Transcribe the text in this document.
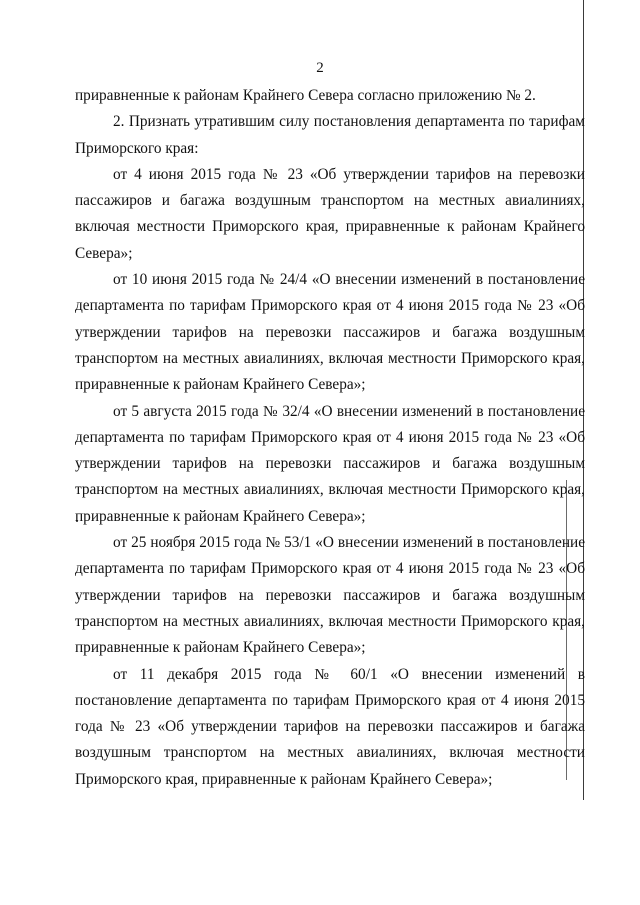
2

приравненные к районам Крайнего Севера согласно приложению № 2.

2. Признать утратившим силу постановления департамента по тарифам Приморского края:

от 4 июня 2015 года № 23 «Об утверждении тарифов на перевозки пассажиров и багажа воздушным транспортом на местных авиалиниях, включая местности Приморского края, приравненные к районам Крайнего Севера»;

от 10 июня 2015 года № 24/4 «О внесении изменений в постановление департамента по тарифам Приморского края от 4 июня 2015 года № 23 «Об утверждении тарифов на перевозки пассажиров и багажа воздушным транспортом на местных авиалиниях, включая местности Приморского края, приравненные к районам Крайнего Севера»;

от 5 августа 2015 года № 32/4 «О внесении изменений в постановление департамента по тарифам Приморского края от 4 июня 2015 года № 23 «Об утверждении тарифов на перевозки пассажиров и багажа воздушным транспортом на местных авиалиниях, включая местности Приморского края, приравненные к районам Крайнего Севера»;

от 25 ноября 2015 года № 53/1 «О внесении изменений в постановление департамента по тарифам Приморского края от 4 июня 2015 года № 23 «Об утверждении тарифов на перевозки пассажиров и багажа воздушным транспортом на местных авиалиниях, включая местности Приморского края, приравненные к районам Крайнего Севера»;

от 11 декабря 2015 года № 60/1 «О внесении изменений в постановление департамента по тарифам Приморского края от 4 июня 2015 года № 23 «Об утверждении тарифов на перевозки пассажиров и багажа воздушным транспортом на местных авиалиниях, включая местности Приморского края, приравненные к районам Крайнего Севера»;
